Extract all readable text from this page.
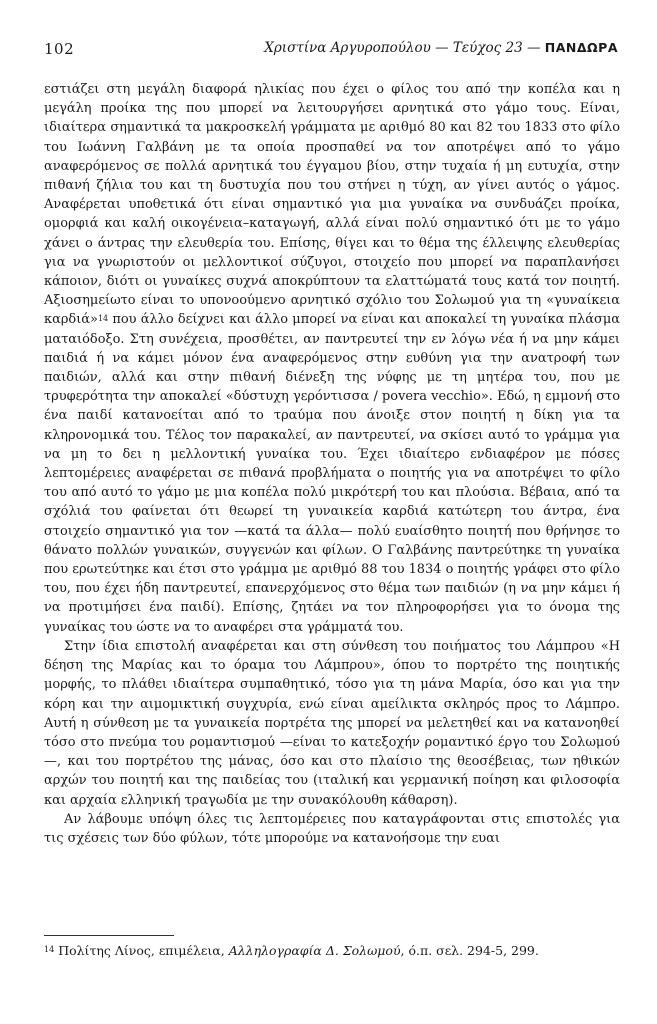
102	Χριστίνα Αργυροπούλου — Τεύχος 23 — ΠΑΝΔΩΡΑ

εστιάζει στη μεγάλη διαφορά ηλικίας που έχει ο φίλος του από την κοπέλα και η μεγάλη προίκα της που μπορεί να λειτουργήσει αρνητικά στο γάμο τους. Είναι, ιδιαίτερα σημαντικά τα μακροσκελή γράμματα με αριθμό 80 και 82 του 1833 στο φίλο του Ιωάννη Γαλβάνη με τα οποία προσπαθεί να τον αποτρέψει από το γάμο αναφερόμενος σε πολλά αρνητικά του έγγαμου βίου, στην τυχαία ή μη ευτυχία, στην πιθανή ζήλια του και τη δυστυχία που του στήνει η τύχη, αν γίνει αυτός ο γάμος. Αναφέρεται υποθετικά ότι είναι σημαντικό για μια γυναίκα να συνδυάζει προίκα, ομορφιά και καλή οικογένεια–καταγωγή, αλλά είναι πολύ σημαντικό ότι με το γάμο χάνει ο άντρας την ελευθερία του. Επίσης, θίγει και το θέμα της έλλειψης ελευθερίας για να γνωριστούν οι μελλοντικοί σύζυγοι, στοιχείο που μπορεί να παραπλανήσει κάποιον, διότι οι γυναίκες συχνά αποκρύπτουν τα ελαττώματά τους κατά τον ποιητή. Αξιοσημείωτο είναι το υπονοούμενο αρνητικό σχόλιο του Σολωμού για τη «γυναίκεια καρδιά»$^{14}$ που άλλο δείχνει και άλλο μπορεί να είναι και αποκαλεί τη γυναίκα πλάσμα ματαιόδοξο. Στη συνέχεια, προσθέτει, αν παντρευτεί την εν λόγω νέα ή να μην κάμει παιδιά ή να κάμει μόνον ένα αναφερόμενος στην ευθύνη για την ανατροφή των παιδιών, αλλά και στην πιθανή διένεξη της νύφης με τη μητέρα του, που με τρυφερότητα την αποκαλεί «δύστυχη γερόντισσα / povera vecchio». Εδώ, η εμμονή στο ένα παιδί κατανοείται από το τραύμα που άνοιξε στον ποιητή η δίκη για τα κληρονομικά του. Τέλος τον παρακαλεί, αν παντρευτεί, να σκίσει αυτό το γράμμα για να μη το δει η μελλοντική γυναίκα του. Έχει ιδιαίτερο ενδιαφέρον με πόσες λεπτομέρειες αναφέρεται σε πιθανά προβλήματα ο ποιητής για να αποτρέψει το φίλο του από αυτό το γάμο με μια κοπέλα πολύ μικρότερή του και πλούσια. Βέβαια, από τα σχόλιά του φαίνεται ότι θεωρεί τη γυναικεία καρδιά κατώτερη του άντρα, ένα στοιχείο σημαντικό για τον —κατά τα άλλα— πολύ ευαίσθητο ποιητή που θρήνησε το θάνατο πολλών γυναικών, συγγενών και φίλων. Ο Γαλβάνης παντρεύτηκε τη γυναίκα που ερωτεύτηκε και έτσι στο γράμμα με αριθμό 88 του 1834 ο ποιητής γράφει στο φίλο του, που έχει ήδη παντρευτεί, επανερχόμενος στο θέμα των παιδιών (η να μην κάμει ή να προτιμήσει ένα παιδί). Επίσης, ζητάει να τον πληροφορήσει για το όνομα της γυναίκας του ώστε να το αναφέρει στα γράμματά του.

Στην ίδια επιστολή αναφέρεται και στη σύνθεση του ποιήματος του Λάμπρου «Η δέηση της Μαρίας και το όραμα του Λάμπρου», όπου το πορτρέτο της ποιητικής μορφής, το πλάθει ιδιαίτερα συμπαθητικό, τόσο για τη μάνα Μαρία, όσο και για την κόρη και την αιμομικτική συγχυρία, ενώ είναι αμείλικτα σκληρός προς το Λάμπρο. Αυτή η σύνθεση με τα γυναικεία πορτρέτα της μπορεί να μελετηθεί και να κατανοηθεί τόσο στο πνεύμα του ρομαντισμού —είναι το κατεξοχήν ρομαντικό έργο του Σολωμού—, και του πορτρέτου της μάνας, όσο και στο πλαίσιο της θεοσέβειας, των ηθικών αρχών του ποιητή και της παιδείας του (ιταλική και γερμανική ποίηση και φιλοσοφία και αρχαία ελληνική τραγωδία με την συνακόλουθη κάθαρση).

Αν λάβουμε υπόψη όλες τις λεπτομέρειες που καταγράφονται στις επιστολές για τις σχέσεις των δύο φύλων, τότε μπορούμε να κατανοήσομε την ευαι

$^{14}$ Πολίτης Λίνος, επιμέλεια, Αλληλογραφία Δ. Σολωμού, ό.π. σελ. 294-5, 299.
